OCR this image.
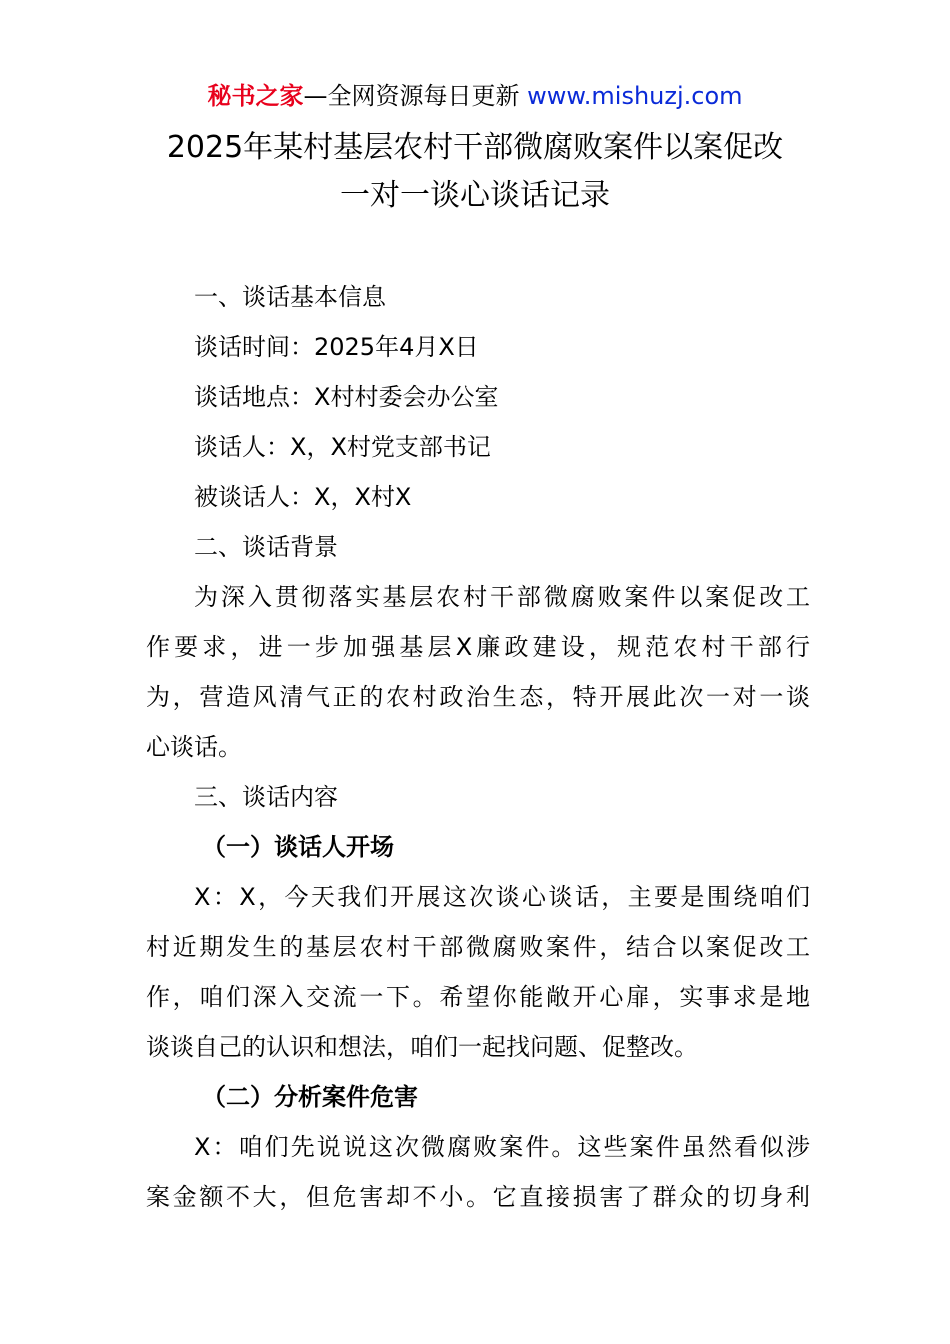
秘书之家—全网资源每日更新 www.mishuzj.com
2025年某村基层农村干部微腐败案件以案促改
一对一谈心谈话记录
一、谈话基本信息
谈话时间：2025年4月X日
谈话地点：X村村委会办公室
谈话人：X，X村党支部书记
被谈话人：X，X村X
二、谈话背景
为深入贯彻落实基层农村干部微腐败案件以案促改工
作要求，进一步加强基层X廉政建设，规范农村干部行
为，营造风清气正的农村政治生态，特开展此次一对一谈
心谈话。
三、谈话内容
（一）谈话人开场
X：X，今天我们开展这次谈心谈话，主要是围绕咱们
村近期发生的基层农村干部微腐败案件，结合以案促改工
作，咱们深入交流一下。希望你能敞开心扉，实事求是地
谈谈自己的认识和想法，咱们一起找问题、促整改。
（二）分析案件危害
X：咱们先说说这次微腐败案件。这些案件虽然看似涉
案金额不大，但危害却不小。它直接损害了群众的切身利
